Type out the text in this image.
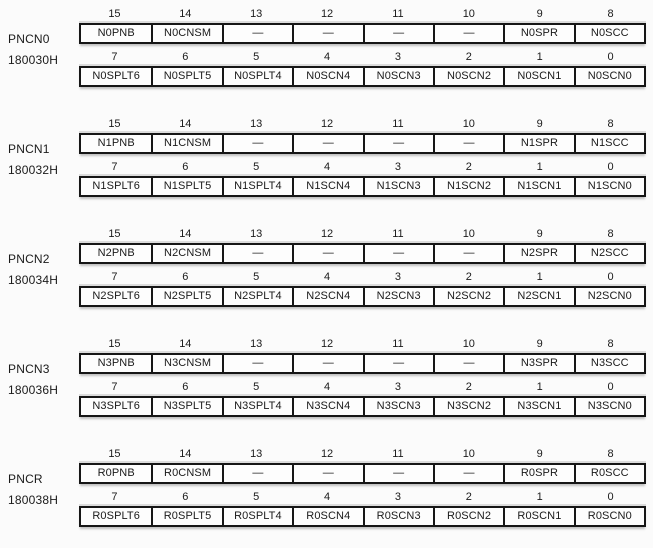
PNCN0
180030H
15	14	13	12	11	10	9	8
N0PNB	N0CNSM	—	—	—	—	N0SPR	N0SCC
7	6	5	4	3	2	1	0
N0SPLT6	N0SPLT5	N0SPLT4	N0SCN4	N0SCN3	N0SCN2	N0SCN1	N0SCN0
PNCN1
180032H
15	14	13	12	11	10	9	8
N1PNB	N1CNSM	—	—	—	—	N1SPR	N1SCC
7	6	5	4	3	2	1	0
N1SPLT6	N1SPLT5	N1SPLT4	N1SCN4	N1SCN3	N1SCN2	N1SCN1	N1SCN0
PNCN2
180034H
15	14	13	12	11	10	9	8
N2PNB	N2CNSM	—	—	—	—	N2SPR	N2SCC
7	6	5	4	3	2	1	0
N2SPLT6	N2SPLT5	N2SPLT4	N2SCN4	N2SCN3	N2SCN2	N2SCN1	N2SCN0
PNCN3
180036H
15	14	13	12	11	10	9	8
N3PNB	N3CNSM	—	—	—	—	N3SPR	N3SCC
7	6	5	4	3	2	1	0
N3SPLT6	N3SPLT5	N3SPLT4	N3SCN4	N3SCN3	N3SCN2	N3SCN1	N3SCN0
PNCR
180038H
15	14	13	12	11	10	9	8
R0PNB	R0CNSM	—	—	—	—	R0SPR	R0SCC
7	6	5	4	3	2	1	0
R0SPLT6	R0SPLT5	R0SPLT4	R0SCN4	R0SCN3	R0SCN2	R0SCN1	R0SCN0
